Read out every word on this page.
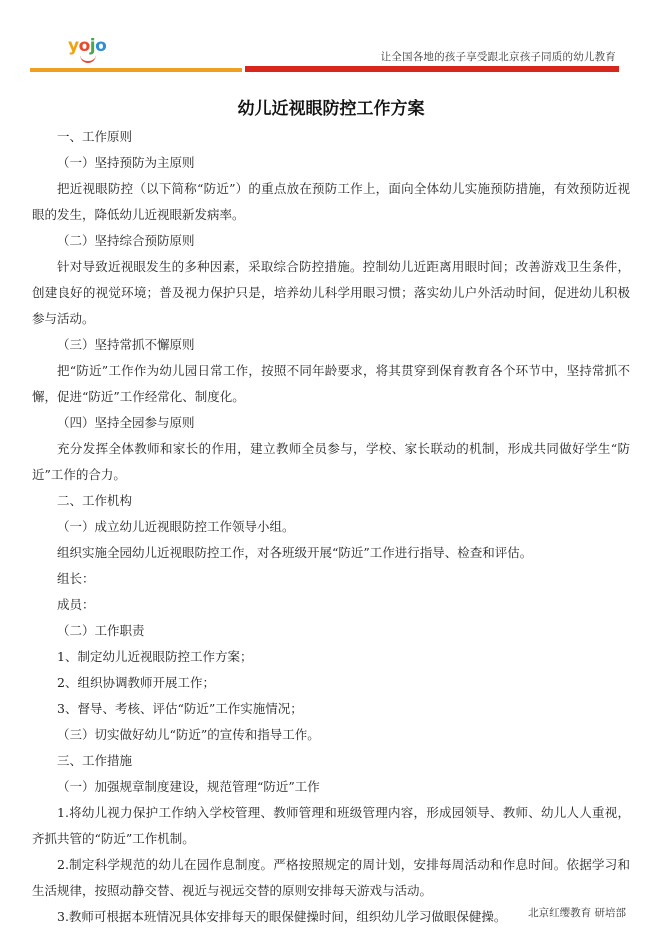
yojo
让全国各地的孩子享受跟北京孩子同质的幼儿教育
幼儿近视眼防控工作方案

一、工作原则

（一）坚持预防为主原则

把近视眼防控（以下简称“防近”）的重点放在预防工作上，面向全体幼儿实施预防措施，有效预防近视眼的发生，降低幼儿近视眼新发病率。

（二）坚持综合预防原则

针对导致近视眼发生的多种因素，采取综合防控措施。控制幼儿近距离用眼时间；改善游戏卫生条件，创建良好的视觉环境；普及视力保护只是，培养幼儿科学用眼习惯；落实幼儿户外活动时间，促进幼儿积极参与活动。

（三）坚持常抓不懈原则

把“防近”工作作为幼儿园日常工作，按照不同年龄要求，将其贯穿到保育教育各个环节中，坚持常抓不懈，促进“防近”工作经常化、制度化。

（四）坚持全园参与原则

充分发挥全体教师和家长的作用，建立教师全员参与，学校、家长联动的机制，形成共同做好学生“防近”工作的合力。

二、工作机构

（一）成立幼儿近视眼防控工作领导小组。

组织实施全园幼儿近视眼防控工作，对各班级开展“防近”工作进行指导、检查和评估。

组长：

成员：

（二）工作职责

1、制定幼儿近视眼防控工作方案；

2、组织协调教师开展工作；

3、督导、考核、评估“防近”工作实施情况；

（三）切实做好幼儿“防近”的宣传和指导工作。

三、工作措施

（一）加强规章制度建设，规范管理“防近”工作

1.将幼儿视力保护工作纳入学校管理、教师管理和班级管理内容，形成园领导、教师、幼儿人人重视，齐抓共管的“防近”工作机制。

2.制定科学规范的幼儿在园作息制度。严格按照规定的周计划，安排每周活动和作息时间。依据学习和生活规律，按照动静交替、视近与视远交替的原则安排每天游戏与活动。

3.教师可根据本班情况具体安排每天的眼保健操时间，组织幼儿学习做眼保健操。	北京红缨教育 研培部
